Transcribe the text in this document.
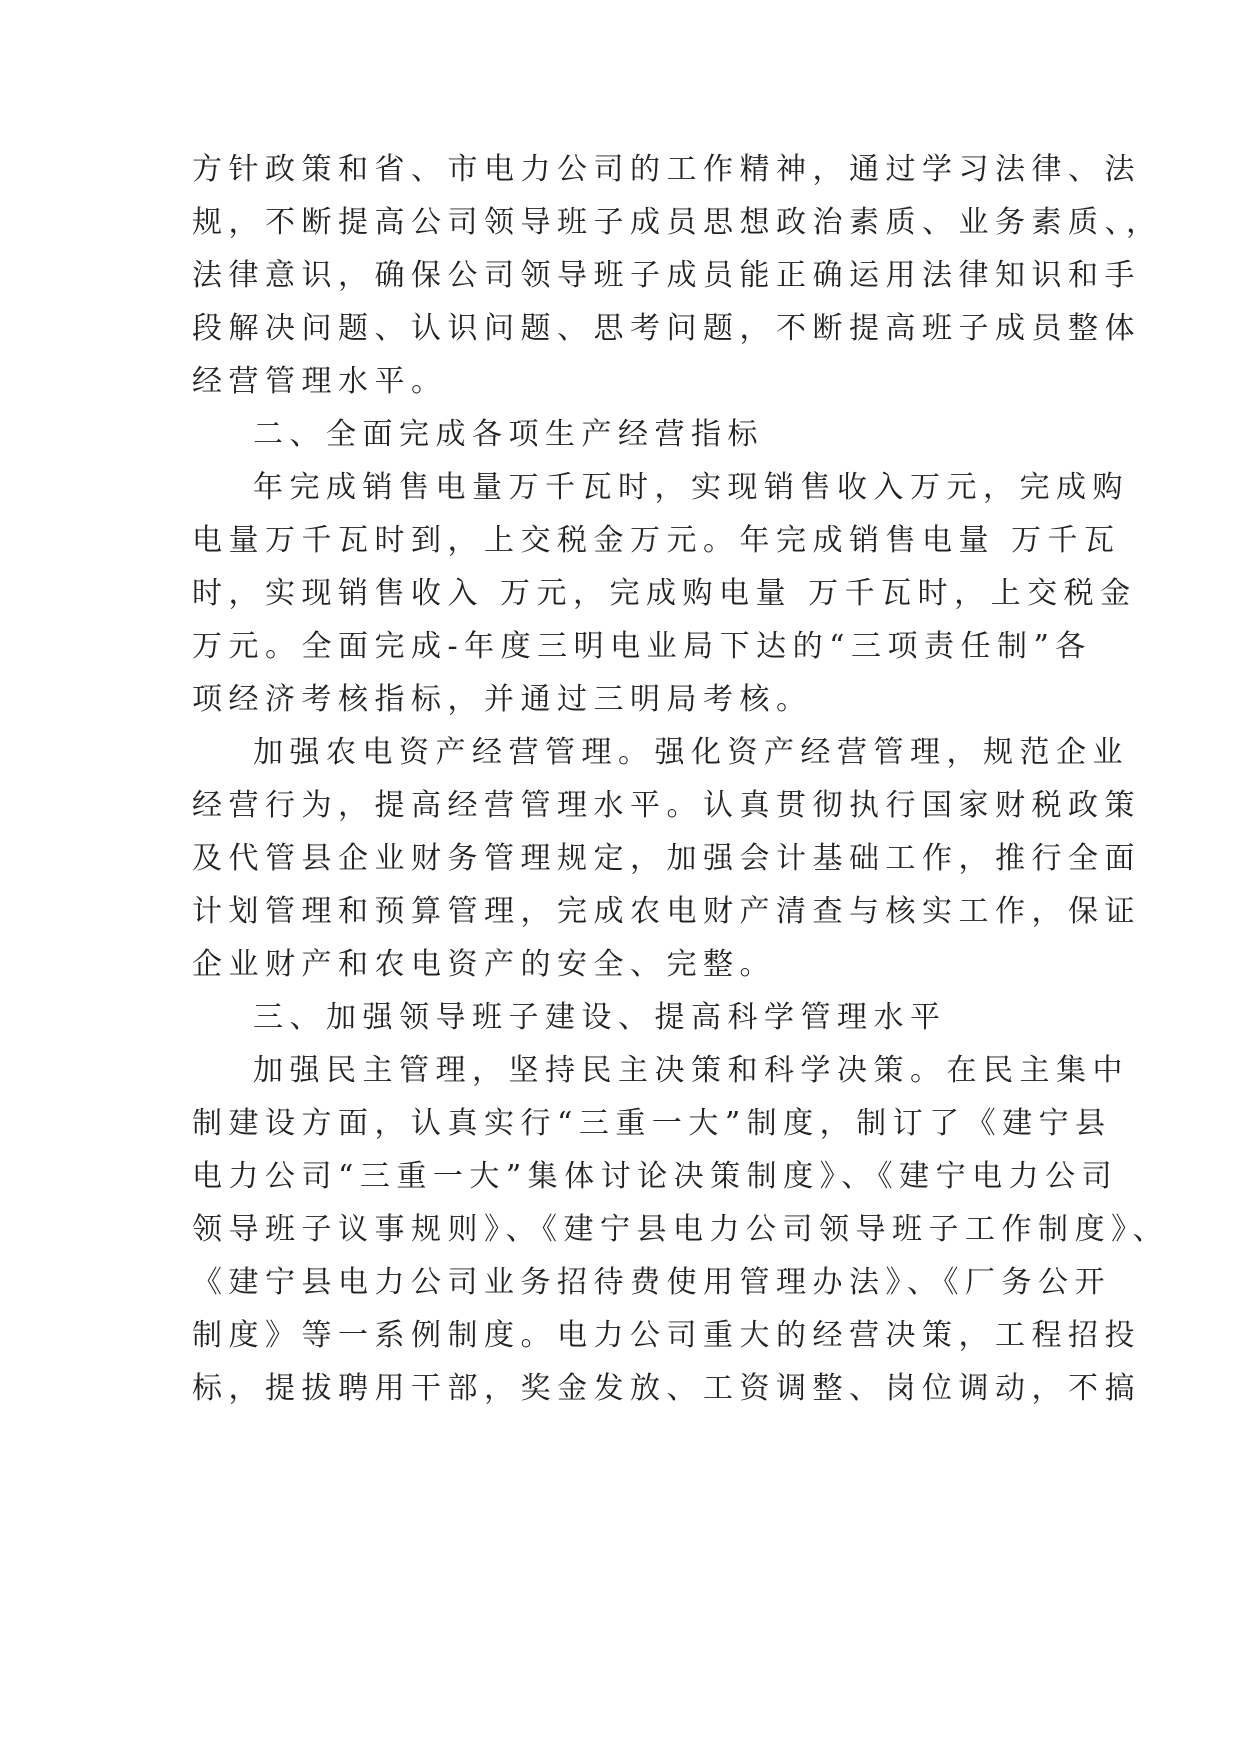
方针政策和省、市电力公司的工作精神，通过学习法律、法

规，不断提高公司领导班子成员思想政治素质、业务素质、，

法律意识，确保公司领导班子成员能正确运用法律知识和手

段解决问题、认识问题、思考问题，不断提高班子成员整体

经营管理水平。

二、全面完成各项生产经营指标

年完成销售电量万千瓦时，实现销售收入万元，完成购

电量万千瓦时到，上交税金万元。年完成销售电量 万千瓦

时，实现销售收入 万元，完成购电量 万千瓦时，上交税金

万元。全面完成-年度三明电业局下达的“三项责任制”各

项经济考核指标，并通过三明局考核。

加强农电资产经营管理。强化资产经营管理，规范企业

经营行为，提高经营管理水平。认真贯彻执行国家财税政策

及代管县企业财务管理规定，加强会计基础工作，推行全面

计划管理和预算管理，完成农电财产清查与核实工作，保证

企业财产和农电资产的安全、完整。

三、加强领导班子建设、提高科学管理水平

加强民主管理，坚持民主决策和科学决策。在民主集中

制建设方面，认真实行“三重一大”制度，制订了《建宁县

电力公司“三重一大”集体讨论决策制度》、《建宁电力公司

领导班子议事规则》、《建宁县电力公司领导班子工作制度》、

《建宁县电力公司业务招待费使用管理办法》、《厂务公开

制度》等一系例制度。电力公司重大的经营决策，工程招投

标，提拔聘用干部，奖金发放、工资调整、岗位调动，不搞
